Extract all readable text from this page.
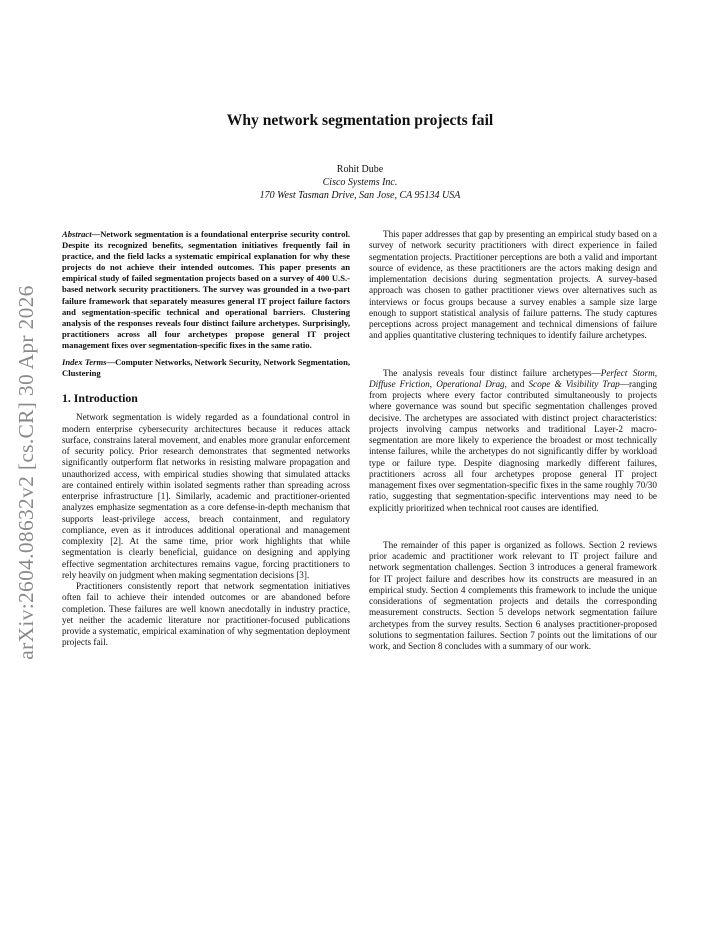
arXiv:2604.08632v2 [cs.CR] 30 Apr 2026
Why network segmentation projects fail
Rohit Dube
Cisco Systems Inc.
170 West Tasman Drive, San Jose, CA 95134 USA

Abstract—Network segmentation is a foundational enterprise security control. Despite its recognized benefits, segmentation initiatives frequently fail in practice, and the field lacks a systematic empirical explanation for why these projects do not achieve their intended outcomes. This paper presents an empirical study of failed segmentation projects based on a survey of 400 U.S.-based network security practitioners. The survey was grounded in a two-part failure framework that separately measures general IT project failure factors and segmentation-specific technical and operational barriers. Clustering analysis of the responses reveals four distinct failure archetypes. Surprisingly, practitioners across all four archetypes propose general IT project management fixes over segmentation-specific fixes in the same ratio.

Index Terms—Computer Networks, Network Security, Network Segmentation, Clustering

1. Introduction

Network segmentation is widely regarded as a foundational control in modern enterprise cybersecurity architectures because it reduces attack surface, constrains lateral movement, and enables more granular enforcement of security policy. Prior research demonstrates that segmented networks significantly outperform flat networks in resisting malware propagation and unauthorized access, with empirical studies showing that simulated attacks are contained entirely within isolated segments rather than spreading across enterprise infrastructure [1]. Similarly, academic and practitioner-oriented analyzes emphasize segmentation as a core defense-in-depth mechanism that supports least-privilege access, breach containment, and regulatory compliance, even as it introduces additional operational and management complexity [2]. At the same time, prior work highlights that while segmentation is clearly beneficial, guidance on designing and applying effective segmentation architectures remains vague, forcing practitioners to rely heavily on judgment when making segmentation decisions [3].

Practitioners consistently report that network segmentation initiatives often fail to achieve their intended outcomes or are abandoned before completion. These failures are well known anecdotally in industry practice, yet neither the academic literature nor practitioner-focused publications provide a systematic, empirical examination of why segmentation deployment projects fail.

This paper addresses that gap by presenting an empirical study based on a survey of network security practitioners with direct experience in failed segmentation projects. Practitioner perceptions are both a valid and important source of evidence, as these practitioners are the actors making design and implementation decisions during segmentation projects. A survey-based approach was chosen to gather practitioner views over alternatives such as interviews or focus groups because a survey enables a sample size large enough to support statistical analysis of failure patterns. The study captures perceptions across project management and technical dimensions of failure and applies quantitative clustering techniques to identify failure archetypes.

The analysis reveals four distinct failure archetypes—Perfect Storm, Diffuse Friction, Operational Drag, and Scope & Visibility Trap—ranging from projects where every factor contributed simultaneously to projects where governance was sound but specific segmentation challenges proved decisive. The archetypes are associated with distinct project characteristics: projects involving campus networks and traditional Layer-2 macro-segmentation are more likely to experience the broadest or most technically intense failures, while the archetypes do not significantly differ by workload type or failure type. Despite diagnosing markedly different failures, practitioners across all four archetypes propose general IT project management fixes over segmentation-specific fixes in the same roughly 70/30 ratio, suggesting that segmentation-specific interventions may need to be explicitly prioritized when technical root causes are identified.

The remainder of this paper is organized as follows. Section 2 reviews prior academic and practitioner work relevant to IT project failure and network segmentation challenges. Section 3 introduces a general framework for IT project failure and describes how its constructs are measured in an empirical study. Section 4 complements this framework to include the unique considerations of segmentation projects and details the corresponding measurement constructs. Section 5 develops network segmentation failure archetypes from the survey results. Section 6 analyses practitioner-proposed solutions to segmentation failures. Section 7 points out the limitations of our work, and Section 8 concludes with a summary of our work.
